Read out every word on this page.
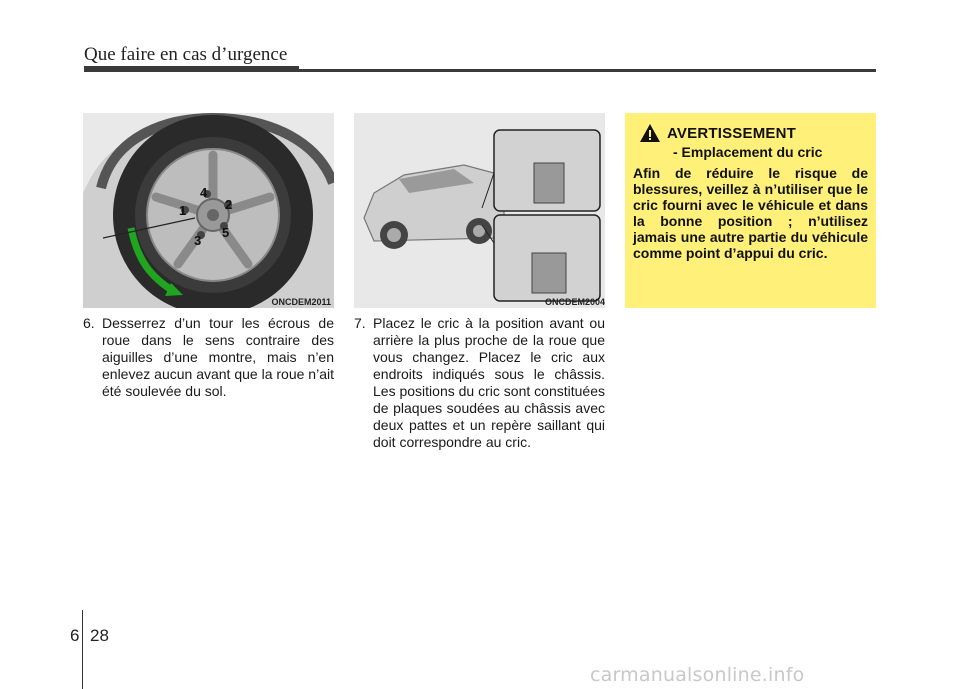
Que faire en cas d’urgence
1	2
3
4
5
ONCDEM2011	ONCDEM2004
6. Desserrez d’un tour les écrous de roue dans le sens contraire des aiguilles d’une montre, mais n’en enlevez aucun avant que la roue n’ait été soulevée du sol.
7. Placez le cric à la position avant ou arrière la plus proche de la roue que vous changez. Placez le cric aux endroits indiqués sous le châssis. Les positions du cric sont constituées de plaques soudées au châssis avec deux pattes et un repère saillant qui doit correspondre au cric.
AVERTISSEMENT
- Emplacement du cric
Afin de réduire le risque de blessures, veillez à n’utiliser que le cric fourni avec le véhicule et dans la bonne position ; n’utilisez jamais une autre partie du véhicule comme point d’appui du cric.
6 28
carmanualsonline.info
